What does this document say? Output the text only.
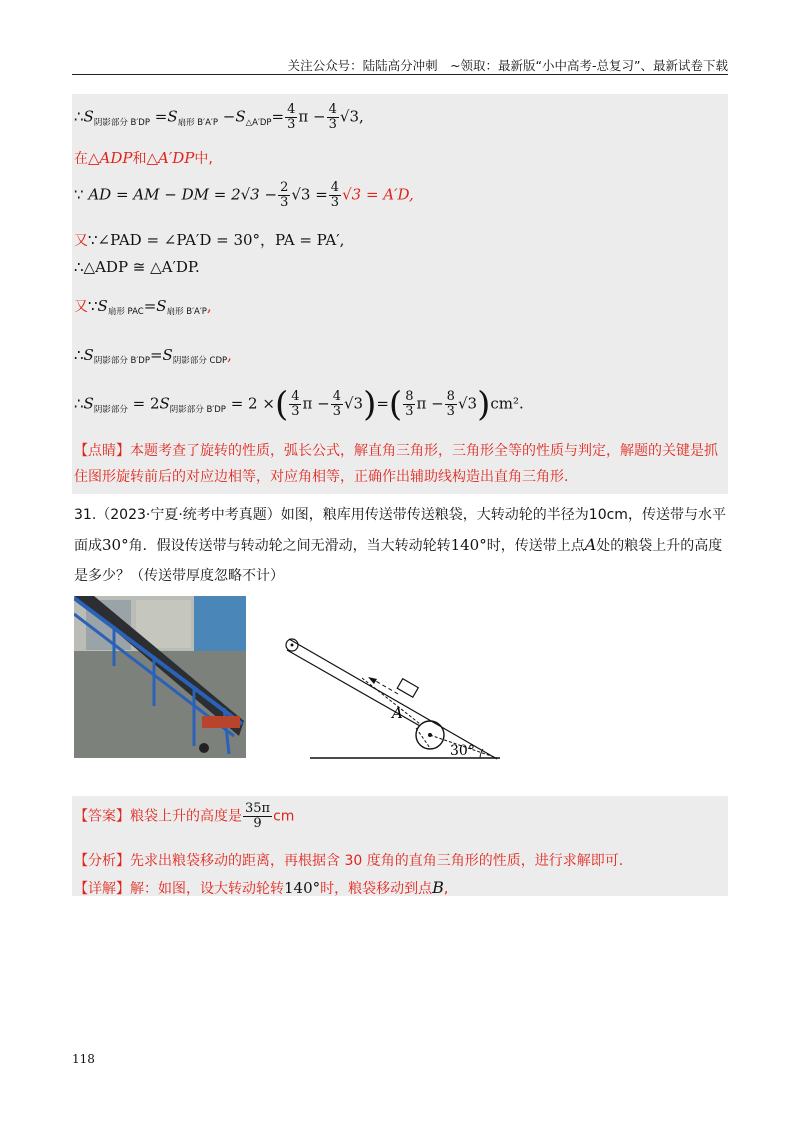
关注公众号：陆陆高分冲刺　~领取：最新版“小中高考-总复习”、最新试卷下载
$\therefore S_{阴影部分 B'DP} =S_{扇形 B'A'P} -S_{\triangle A'DP}= \frac{4}{3}$ $\pi - \frac{4}{3} √3$,
在△ADP和△A′DP中,
∵ AD = AM − DM = $2√3 - \frac{2}{3} √3 = \frac{4}{3} √3 = A'D$,
又∵∠PAD = ∠PA′D = 30°，PA = PA′,
∴△ADP ≅ △A′DP.
又$\because S_{扇形 PAC}=S_{扇形 B'A'P}$,
$\therefore S_{阴影部分 B'DP}=S_{阴影部分 CDP}$,
$\therefore S_{阴影部分} = 2S_{阴影部分 B'DP} = 2$ ×( $\frac{4}{3}$ $\pi - \frac{4}{3} √3)=( \frac{8}{3}$ $\pi - \frac{8}{3} √3)cm^2$.
【点睛】本题考查了旋转的性质，弧长公式，解直角三角形，三角形全等的性质与判定，解题的关键是抓住图形旋转前后的对应边相等，对应角相等，正确作出辅助线构造出直角三角形.
31.（2023·宁夏·统考中考真题）如图，粮库用传送带传送粮袋，大转动轮的半径为10cm，传送带与水平面成30°角．假设传送带与转动轮之间无滑动，当大转动轮转140°时，传送带上点A处的粮袋上升的高度是多少？（传送带厚度忽略不计）
A
30°
【答案】粮袋上升的高度是 $\frac{35\pi}{9}$ cm
【分析】先求出粮袋移动的距离，再根据含 30 度角的直角三角形的性质，进行求解即可.
【详解】解：如图，设大转动轮转140°时，粮袋移动到点B,
118
